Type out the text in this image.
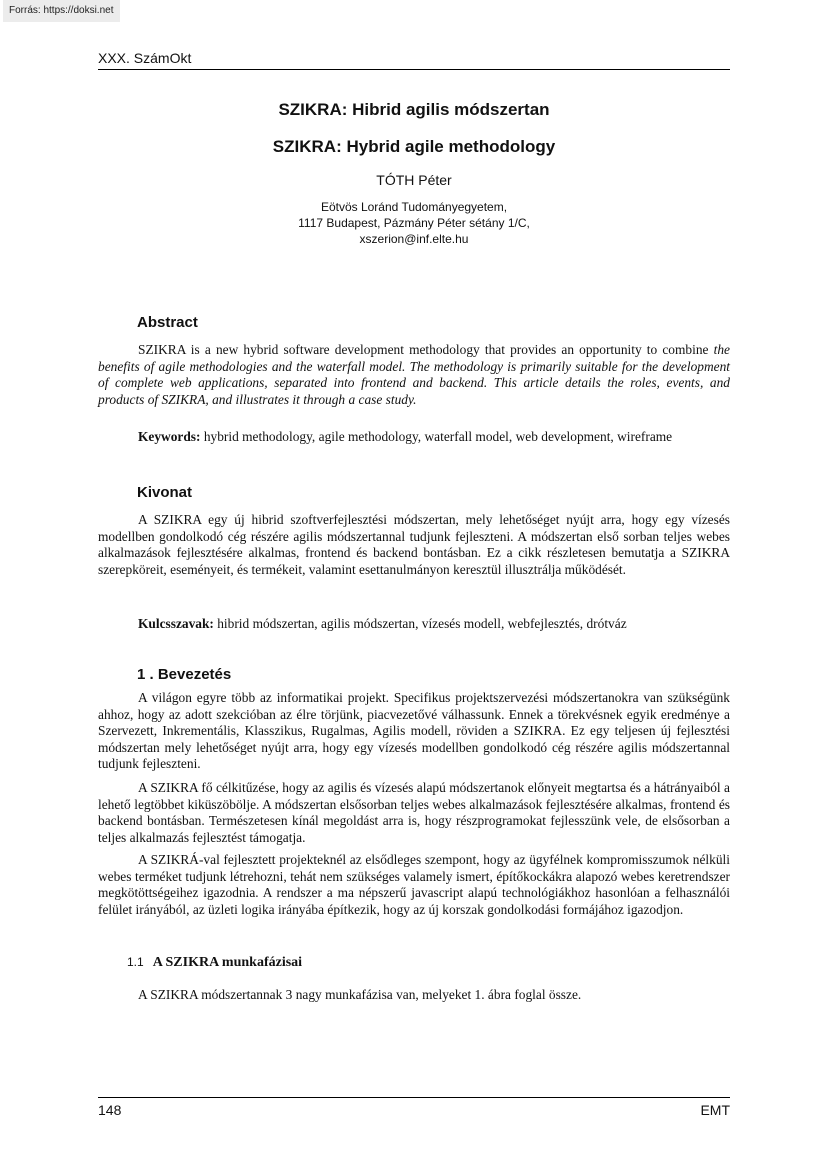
Forrás: https://doksi.net
XXX. SzámOkt
SZIKRA: Hibrid agilis módszertan
SZIKRA: Hybrid agile methodology
TÓTH Péter
Eötvös Loránd Tudományegyetem,
1117 Budapest, Pázmány Péter sétány 1/C,
xszerion@inf.elte.hu
Abstract

SZIKRA is a new hybrid software development methodology that provides an opportunity to combine the benefits of agile methodologies and the waterfall model. The methodology is primarily suitable for the development of complete web applications, separated into frontend and backend. This article details the roles, events, and products of SZIKRA, and illustrates it through a case study.

Keywords: hybrid methodology, agile methodology, waterfall model, web development, wireframe

Kivonat

A SZIKRA egy új hibrid szoftverfejlesztési módszertan, mely lehetőséget nyújt arra, hogy egy vízesés modellben gondolkodó cég részére agilis módszertannal tudjunk fejleszteni. A módszertan első sorban teljes webes alkalmazások fejlesztésére alkalmas, frontend és backend bontásban. Ez a cikk részletesen bemutatja a SZIKRA szerepköreit, eseményeit, és termékeit, valamint esettanulmányon keresztül illusztrálja működését.

Kulcsszavak: hibrid módszertan, agilis módszertan, vízesés modell, webfejlesztés, drótváz

1 . Bevezetés

A világon egyre több az informatikai projekt. Specifikus projektszervezési módszertanokra van szükségünk ahhoz, hogy az adott szekcióban az élre törjünk, piacvezetővé válhassunk. Ennek a törekvésnek egyik eredménye a Szervezett, Inkrementális, Klasszikus, Rugalmas, Agilis modell, röviden a SZIKRA. Ez egy teljesen új fejlesztési módszertan mely lehetőséget nyújt arra, hogy egy vízesés modellben gondolkodó cég részére agilis módszertannal tudjunk fejleszteni.

A SZIKRA fő célkitűzése, hogy az agilis és vízesés alapú módszertanok előnyeit megtartsa és a hátrányaiból a lehető legtöbbet kiküszöbölje. A módszertan elsősorban teljes webes alkalmazások fejlesztésére alkalmas, frontend és backend bontásban. Természetesen kínál megoldást arra is, hogy részprogramokat fejlesszünk vele, de elsősorban a teljes alkalmazás fejlesztést támogatja.

A SZIKRÁ-val fejlesztett projekteknél az elsődleges szempont, hogy az ügyfélnek kompromisszumok nélküli webes terméket tudjunk létrehozni, tehát nem szükséges valamely ismert, építőkockákra alapozó webes keretrendszer megkötöttségeihez igazodnia. A rendszer a ma népszerű javascript alapú technológiákhoz hasonlóan a felhasználói felület irányából, az üzleti logika irányába építkezik, hogy az új korszak gondolkodási formájához igazodjon.

1.1 A SZIKRA munkafázisai

A SZIKRA módszertannak 3 nagy munkafázisa van, melyeket 1. ábra foglal össze.

148	EMT
